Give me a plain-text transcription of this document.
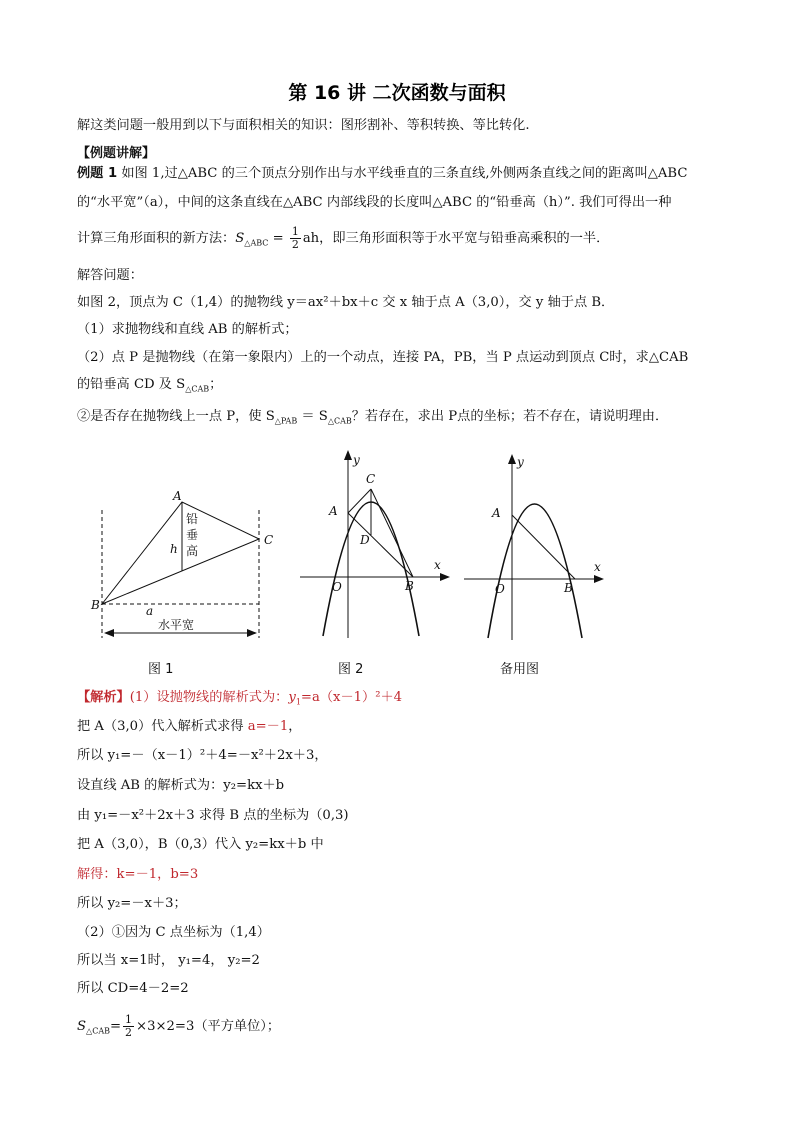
第 16 讲 二次函数与面积
解这类问题一般用到以下与面积相关的知识：图形割补、等积转换、等比转化.
【例题讲解】
例题 1 如图 1,过△ABC 的三个顶点分别作出与水平线垂直的三条直线,外侧两条直线之间的距离叫△ABC
的“水平宽”（a），中间的这条直线在△ABC 内部线段的长度叫△ABC 的“铅垂高（h）”. 我们可得出一种
计算三角形面积的新方法：$S_{\triangle ABC} = \frac{1}{2}$ ah，即三角形面积等于水平宽与铅垂高乘积的一半．
解答问题：
如图 2，顶点为 C（1,4）的抛物线 y＝ax²＋bx＋c 交 x 轴于点 A（3,0），交 y 轴于点 B．
（1）求抛物线和直线 AB 的解析式；
（2）点 P 是抛物线（在第一象限内）上的一个动点，连接 PA，PB，当 P 点运动到顶点 C时，求△CAB
的铅垂高 CD 及 $S_{\triangle CAB}$；
②是否存在抛物线上一点 P，使 $S_{\triangle PAB} = S_{\triangle CAB}$？若存在，求出 P点的坐标；若不存在，请说明理由．
A
B
C
h
a
铅
垂
高
水平宽
图 1
y
x
O
A
B
C
D
图 2
y
x
O
A
B
备用图
【解析】(1）设抛物线的解析式为：$y_1=a(x-1)^2+4$
把 A（3,0）代入解析式求得 a=－1，
所以 y₁=－（x－1）²＋4=－x²＋2x＋3，
设直线 AB 的解析式为：y₂=kx＋b
由 y₁=－x²＋2x＋3 求得 B 点的坐标为（0,3)
把 A（3,0），B（0,3）代入 y₂=kx＋b 中
解得：k=－1，b=3
所以 y₂=－x＋3；
（2）①因为 C 点坐标为（1,4）
所以当 x=1时， y₁=4， y₂=2
所以 CD=4－2=2
$S_{\triangle CAB}= \frac{1}{2} \times 3\times 2=3$（平方单位）；
